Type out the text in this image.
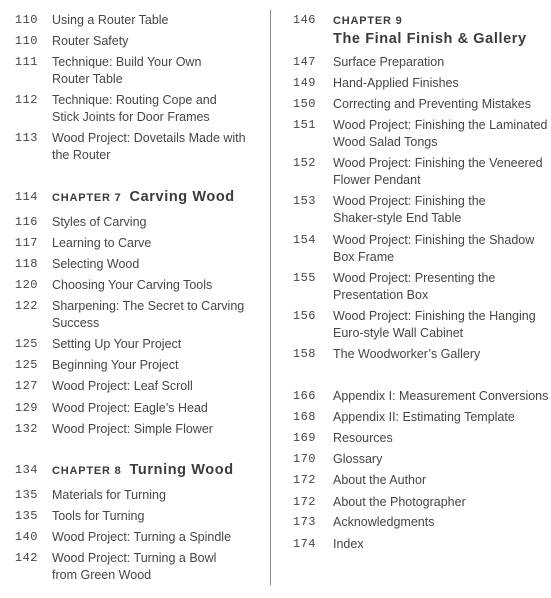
110 Using a Router Table
110 Router Safety
111 Technique: Build Your Own
Router Table
112 Technique: Routing Cope and
Stick Joints for Door Frames
113 Wood Project: Dovetails Made with
the Router
114 CHAPTER 7 Carving Wood
116 Styles of Carving
117 Learning to Carve
118 Selecting Wood
120 Choosing Your Carving Tools
122 Sharpening: The Secret to Carving
Success
125 Setting Up Your Project
125 Beginning Your Project
127 Wood Project: Leaf Scroll
129 Wood Project: Eagle’s Head
132 Wood Project: Simple Flower
134 CHAPTER 8 Turning Wood
135 Materials for Turning
135 Tools for Turning
140 Wood Project: Turning a Spindle
142 Wood Project: Turning a Bowl
from Green Wood
146 CHAPTER 9
The Final Finish & Gallery
147 Surface Preparation
149 Hand-Applied Finishes
150 Correcting and Preventing Mistakes
151 Wood Project: Finishing the Laminated
Wood Salad Tongs
152 Wood Project: Finishing the Veneered
Flower Pendant
153 Wood Project: Finishing the
Shaker-style End Table
154 Wood Project: Finishing the Shadow
Box Frame
155 Wood Project: Presenting the
Presentation Box
156 Wood Project: Finishing the Hanging
Euro-style Wall Cabinet
158 The Woodworker’s Gallery
166 Appendix I: Measurement Conversions
168 Appendix II: Estimating Template
169 Resources
170 Glossary
172 About the Author
172 About the Photographer
173 Acknowledgments
174 Index
